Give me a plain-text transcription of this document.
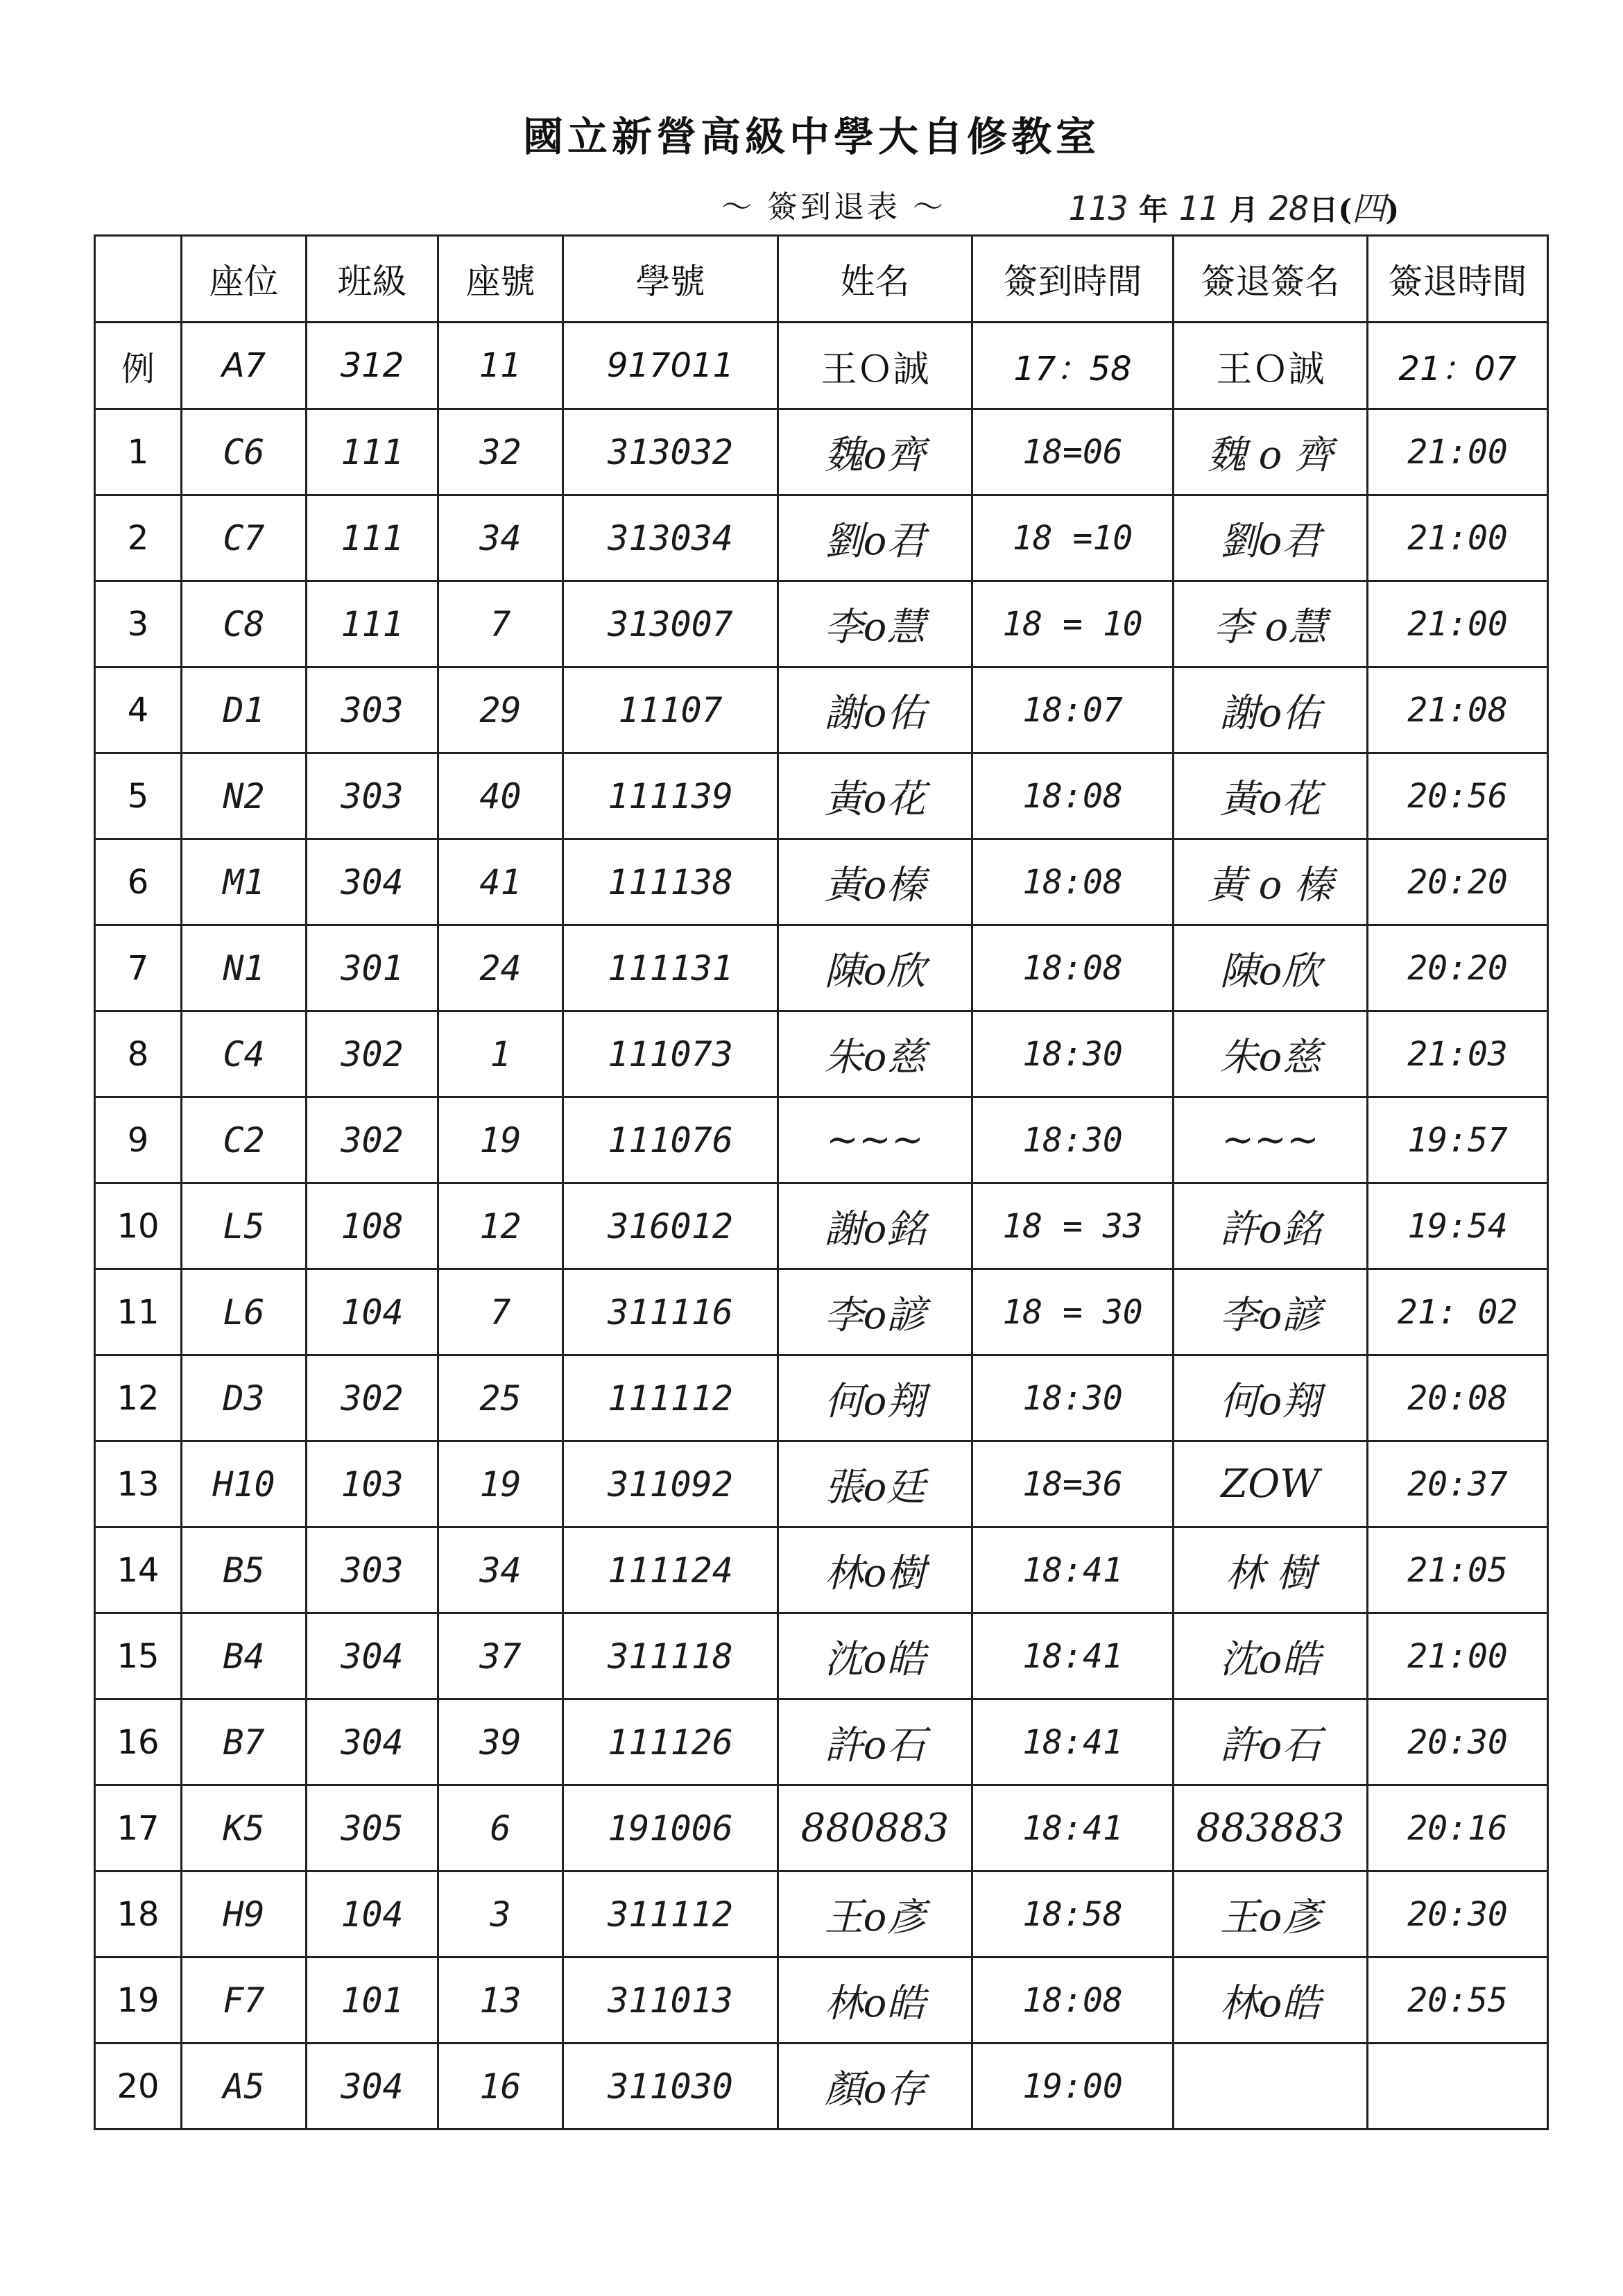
國立新營高級中學大自修教室
～ 簽到退表 ～	113 年 11 月 28日(四)
	座位	班級	座號	學號	姓名	簽到時間	簽退簽名	簽退時間
例	A7	312	11	917011	王Ｏ誠	17：58	王Ｏ誠	21：07
1	C6	111	32	313032	魏o齊	18=06	魏 o 齊	21:00
2	C7	111	34	313034	劉o君	18 =10	劉o君	21:00
3	C8	111	7	313007	李o慧	18 = 10	李 o慧	21:00
4	D1	303	29	11107	謝o佑	18:07	謝o佑	21:08
5	N2	303	40	111139	黃o花	18:08	黃o花	20:56
6	M1	304	41	111138	黃o榛	18:08	黃 o 榛	20:20
7	N1	301	24	111131	陳o欣	18:08	陳o欣	20:20
8	C4	302	1	111073	朱o慈	18:30	朱o慈	21:03
9	C2	302	19	111076	~~~	18:30	~~~	19:57
10	L5	108	12	316012	謝o銘	18 = 33	許o銘	19:54
11	L6	104	7	311116	李o諺	18 = 30	李o諺	21: 02
12	D3	302	25	111112	何o翔	18:30	何o翔	20:08
13	H10	103	19	311092	張o廷	18=36	ZOW	20:37
14	B5	303	34	111124	林o樹	18:41	林 樹	21:05
15	B4	304	37	311118	沈o皓	18:41	沈o皓	21:00
16	B7	304	39	111126	許o石	18:41	許o石	20:30
17	K5	305	6	191006	880883	18:41	883883	20:16
18	H9	104	3	311112	王o彥	18:58	王o彥	20:30
19	F7	101	13	311013	林o皓	18:08	林o皓	20:55
20	A5	304	16	311030	顏o存	19:00		
